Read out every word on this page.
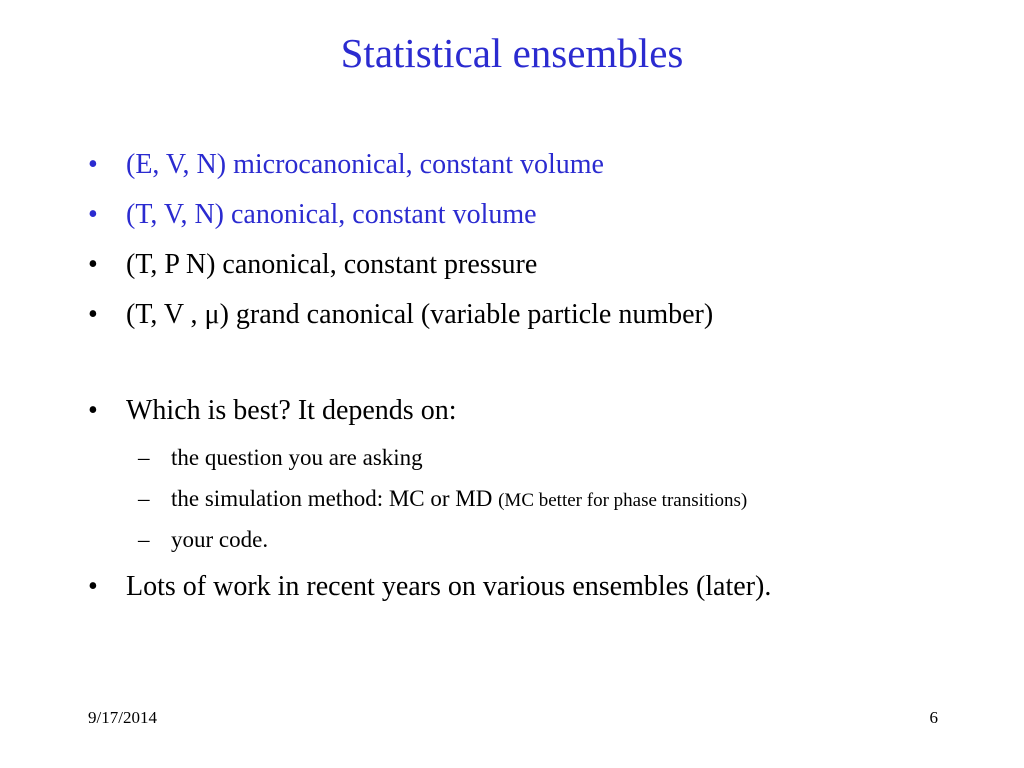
Statistical ensembles
• (E, V, N) microcanonical, constant volume
• (T, V, N) canonical, constant volume
• (T, P N) canonical, constant pressure
• (T, V , μ) grand canonical (variable particle number)
• Which is best? It depends on:
– the question you are asking
– the simulation method: MC or MD (MC better for phase transitions)
– your code.
• Lots of work in recent years on various ensembles (later).
9/17/2014	6
